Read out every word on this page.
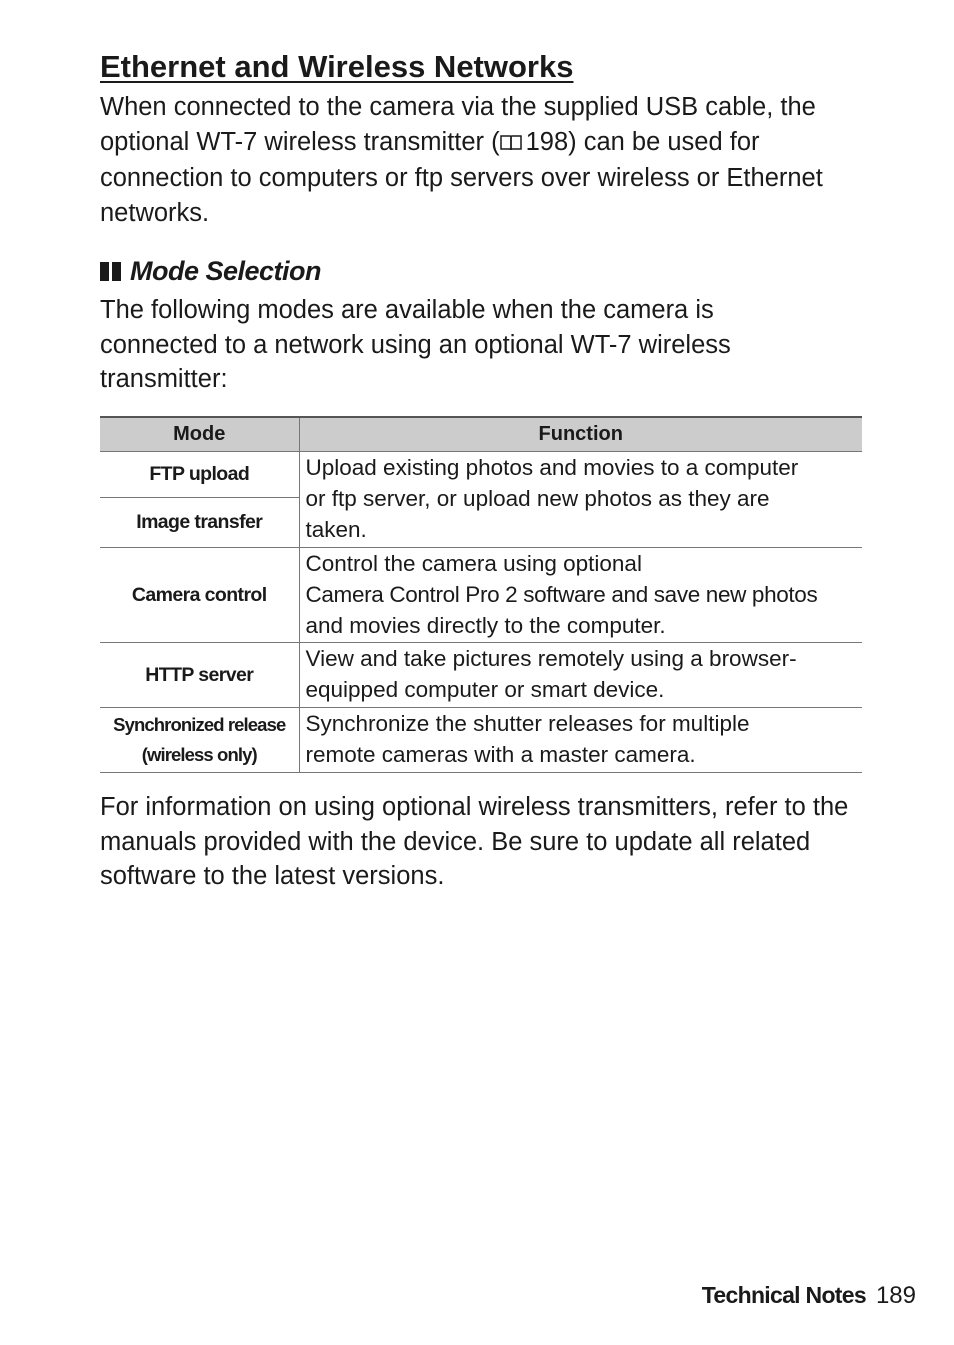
Ethernet and Wireless Networks

When connected to the camera via the supplied USB cable, the optional WT-7 wireless transmitter ( 198) can be used for connection to computers or ftp servers over wireless or Ethernet networks.

Mode Selection

The following modes are available when the camera is connected to a network using an optional WT-7 wireless transmitter:

Mode	Function
FTP upload	Upload existing photos and movies to a computer
or ftp server, or upload new photos as they are
taken.

Image transfer	
Camera control	Control the camera using optional
Camera Control Pro 2 software and save new photos
and movies directly to the computer.

HTTP server	View and take pictures remotely using a browser-
equipped computer or smart device.

Synchronized release
(wireless only)	Synchronize the shutter releases for multiple
remote cameras with a master camera.

For information on using optional wireless transmitters, refer to the manuals provided with the device. Be sure to update all related software to the latest versions.

Technical Notes 189
